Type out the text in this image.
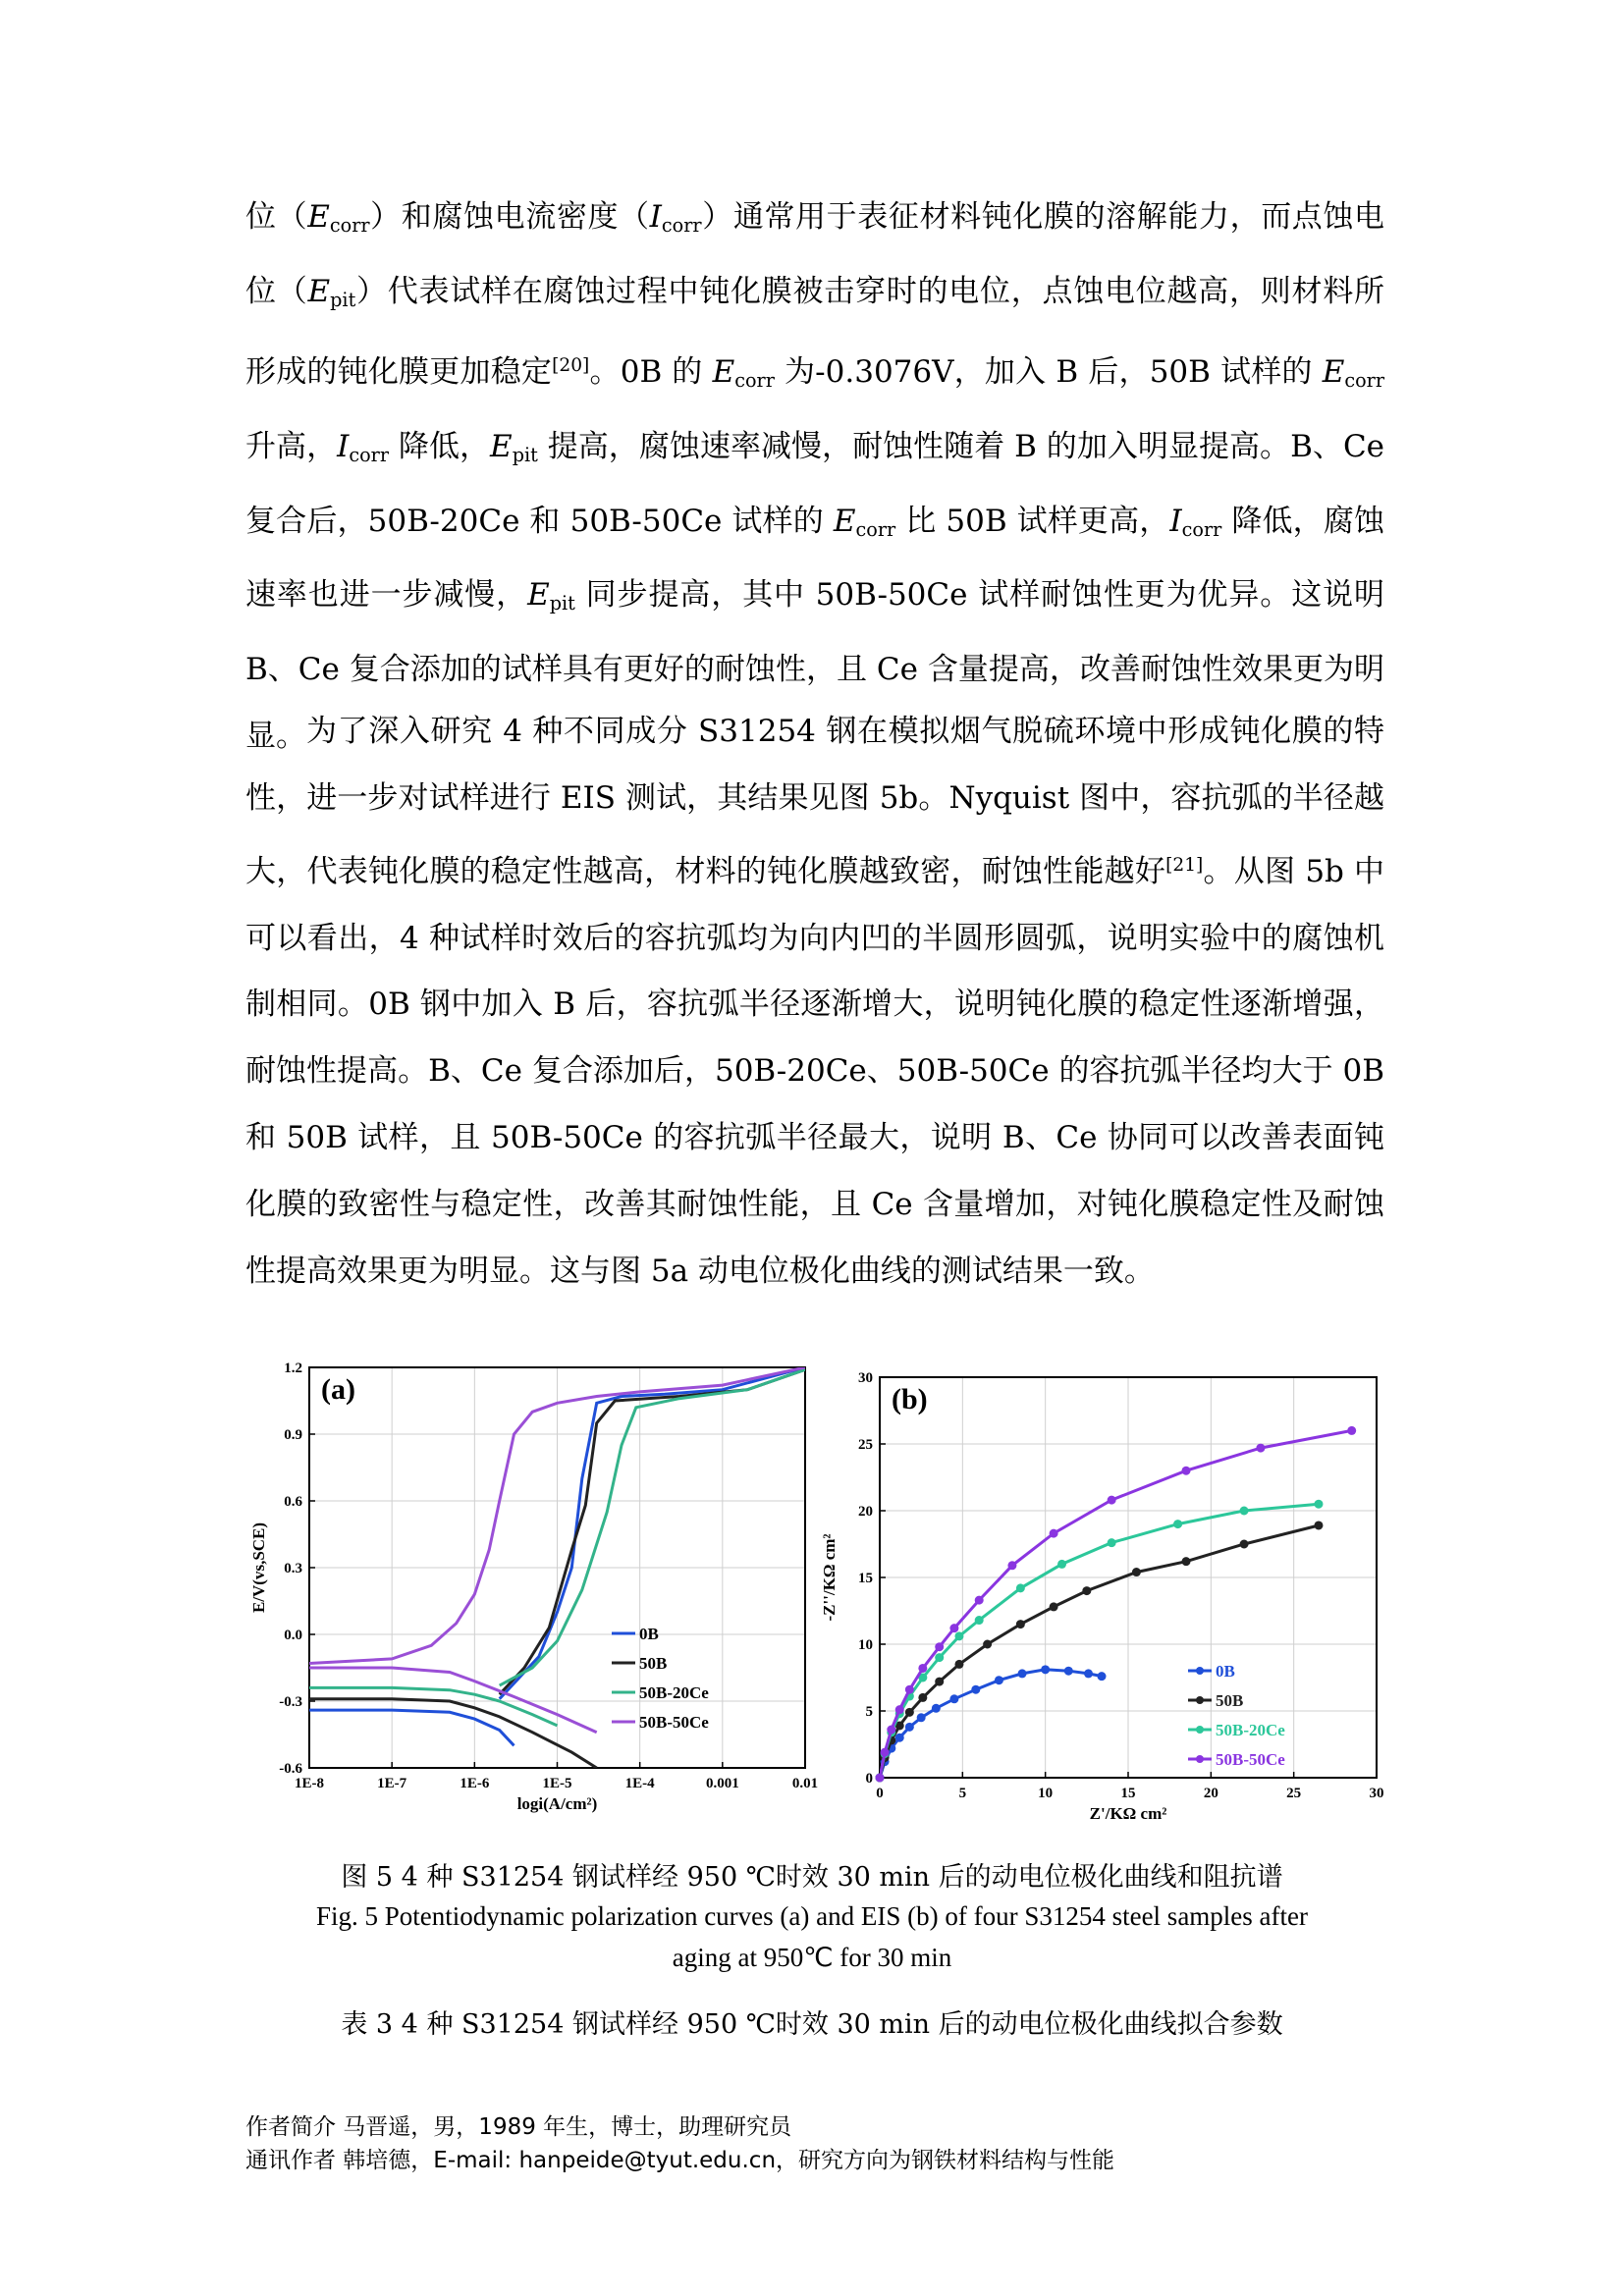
位$(E_{corr})$和腐蚀电流密度$(I_{corr})$通常用于表征材料钝化膜的溶解能力，而点蚀电位$(E_{pit})$代表试样在腐蚀过程中钝化膜被击穿时的电位，点蚀电位越高，则材料所形成的钝化膜更加稳定[20]。0B 的 $E_{corr}$ 为-0.3076V，加入 B 后，50B 试样的 $E_{corr}$ 升高，$I_{corr}$ 降低，$E_{pit}$ 提高，腐蚀速率减慢，耐蚀性随着 B 的加入明显提高。B、Ce 复合后，50B-20Ce 和 50B-50Ce 试样的 $E_{corr}$ 比 50B 试样更高，$I_{corr}$ 降低，腐蚀速率也进一步减慢，$E_{pit}$ 同步提高，其中 50B-50Ce 试样耐蚀性更为优异。这说明 B、Ce 复合添加的试样具有更好的耐蚀性，且 Ce 含量提高，改善耐蚀性效果更为明显。 为了深入研究 4 种不同成分 S31254 钢在模拟烟气脱硫环境中形成钝化膜的特性，进一步对试样进行 EIS 测试，其结果见图 5b。Nyquist 图中，容抗弧的半径越大，代表钝化膜的稳定性越高，材料的钝化膜越致密，耐蚀性能越好[21]。从图 5b 中可以看出，4 种试样时效后的容抗弧均为向内凹的半圆形圆弧，说明实验中的腐蚀机制相同。0B 钢中加入 B 后，容抗弧半径逐渐增大，说明钝化膜的稳定性逐渐增强，耐蚀性提高。B、Ce 复合添加后，50B-20Ce、50B-50Ce 的容抗弧半径均大于 0B 和 50B 试样，且 50B-50Ce 的容抗弧半径最大，说明 B、Ce 协同可以改善表面钝化膜的致密性与稳定性，改善其耐蚀性能，且 Ce 含量增加，对钝化膜稳定性及耐蚀性提高效果更为明显。这与图 5a 动电位极化曲线的测试结果一致。

1E-8	1E-7	1E-6	1E-5	1E-4	0.001	0.01
-0.6
-0.3
0.0
0.3
0.6
0.9
1.2
(a)
logi(A/cm²)
E/V(vs,SCE)
0B
50B
50B-20Ce
50B-50Ce
0	5	10	15	20	25	30
0
5
10
15
20
25
30
(b)
Z'/KΩ cm²
-Z''/KΩ cm²
0B
50B
50B-20Ce
50B-50Ce
图 5 4 种 S31254 钢试样经 950 ℃时效 30 min 后的动电位极化曲线和阻抗谱
Fig. 5 Potentiodynamic polarization curves (a) and EIS (b) of four S31254 steel samples after
aging at 950℃ for 30 min
表 3 4 种 S31254 钢试样经 950 ℃时效 30 min 后的动电位极化曲线拟合参数
作者简介 马晋遥，男，1989 年生，博士，助理研究员
通讯作者 韩培德，E-mail: hanpeide@tyut.edu.cn，研究方向为钢铁材料结构与性能
